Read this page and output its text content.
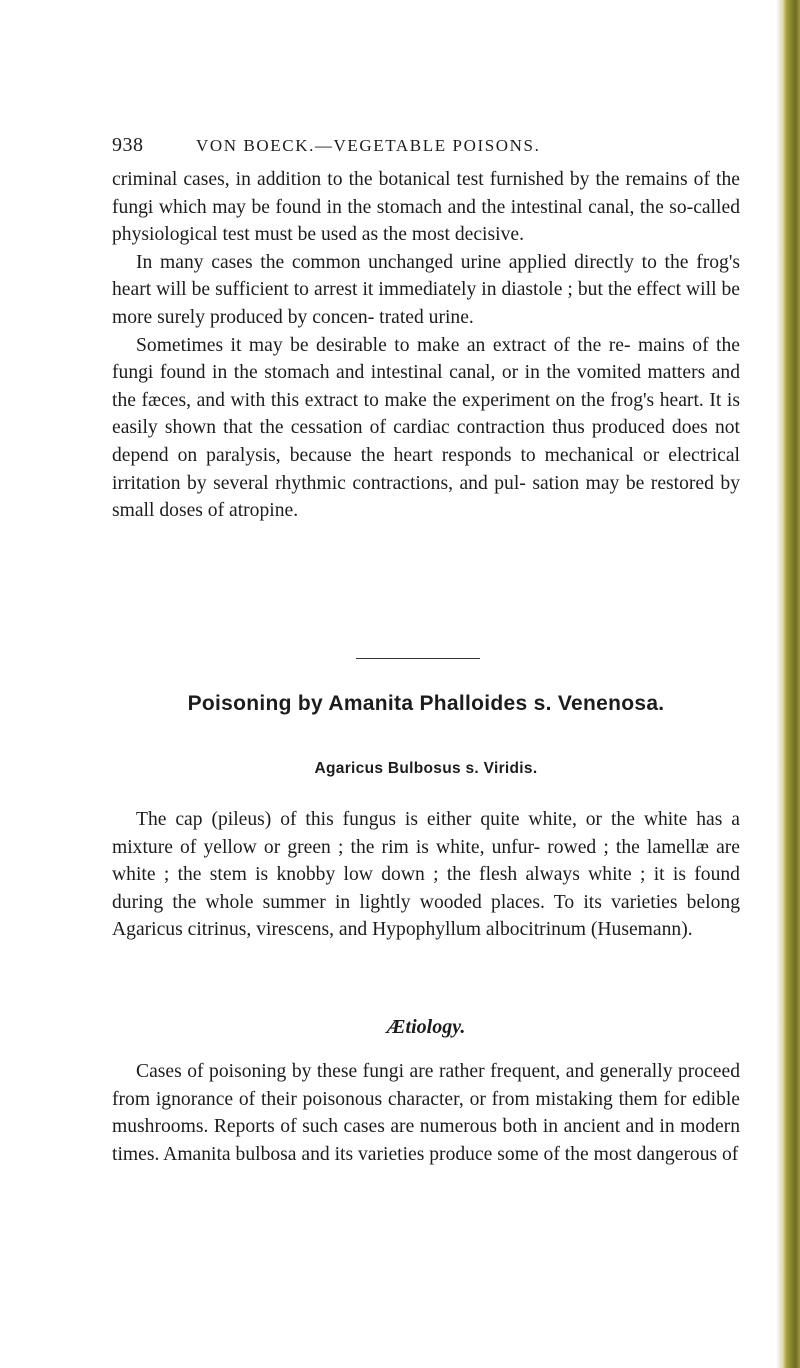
938	VON BOECK.—VEGETABLE POISONS.

criminal cases, in addition to the botanical test furnished by the remains of the fungi which may be found in the stomach and the intestinal canal, the so-called physiological test must be used as the most decisive.

In many cases the common unchanged urine applied directly to the frog's heart will be sufficient to arrest it immediately in diastole ; but the effect will be more surely produced by concen- trated urine.

Sometimes it may be desirable to make an extract of the re- mains of the fungi found in the stomach and intestinal canal, or in the vomited matters and the fæces, and with this extract to make the experiment on the frog's heart. It is easily shown that the cessation of cardiac contraction thus produced does not depend on paralysis, because the heart responds to mechanical or electrical irritation by several rhythmic contractions, and pul- sation may be restored by small doses of atropine.

Poisoning by Amanita Phalloides s. Venenosa.
Agaricus Bulbosus s. Viridis.

The cap (pileus) of this fungus is either quite white, or the white has a mixture of yellow or green ; the rim is white, unfur- rowed ; the lamellæ are white ; the stem is knobby low down ; the flesh always white ; it is found during the whole summer in lightly wooded places. To its varieties belong Agaricus citrinus, virescens, and Hypophyllum albocitrinum (Husemann).

Ætiology.

Cases of poisoning by these fungi are rather frequent, and generally proceed from ignorance of their poisonous character, or from mistaking them for edible mushrooms. Reports of such cases are numerous both in ancient and in modern times. Amanita bulbosa and its varieties produce some of the most dangerous of
